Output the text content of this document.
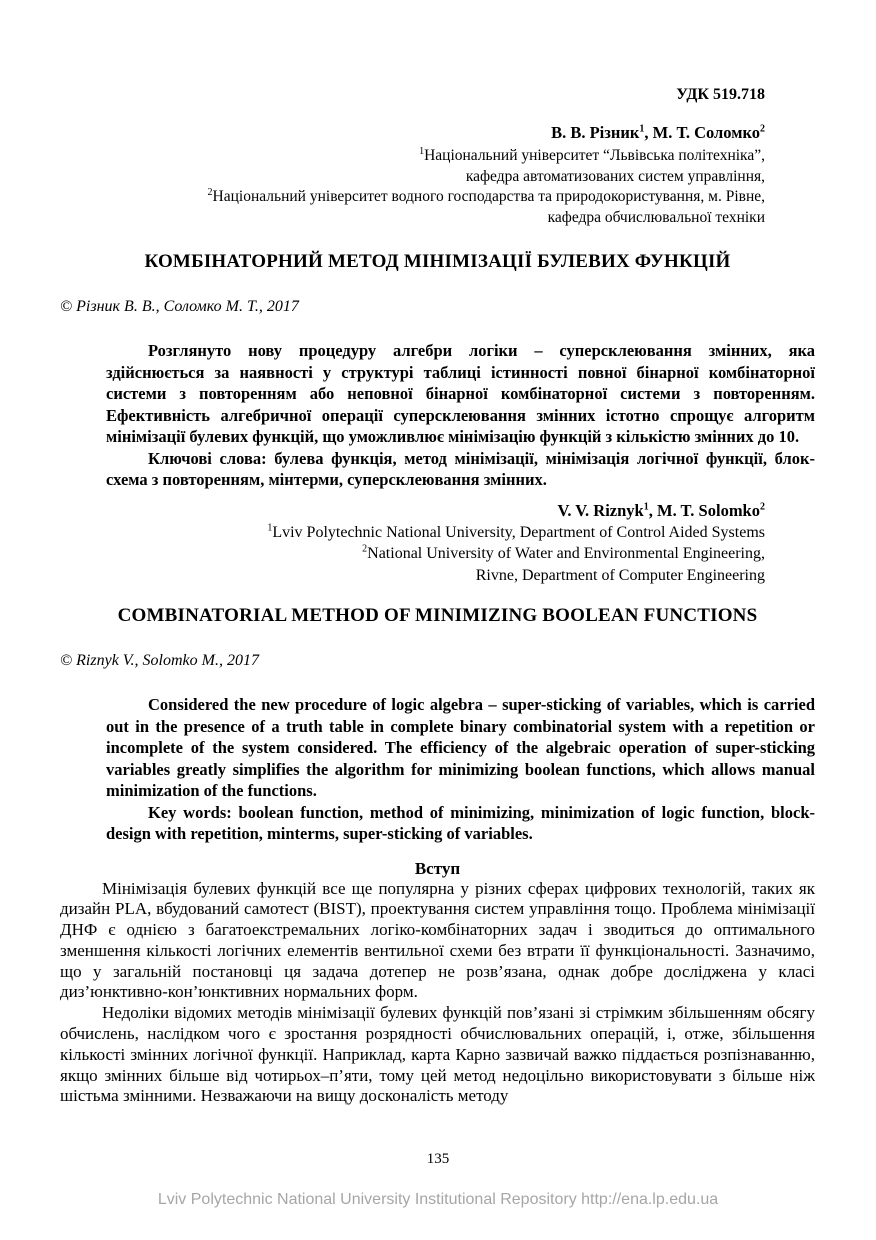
УДК 519.718
В. В. Різник$^1$, М. Т. Соломко$^2$
$^1$Національний університет “Львівська політехніка”,
кафедра автоматизованих систем управління,
$^2$Національний університет водного господарства та природокористування, м. Рівне,
кафедра обчислювальної техніки
КОМБІНАТОРНИЙ МЕТОД МІНІМІЗАЦІЇ БУЛЕВИХ ФУНКЦІЙ
© Різник В. В., Соломко М. Т., 2017

Розглянуто нову процедуру алгебри логіки – суперсклеювання змінних, яка здійснюється за наявності у структурі таблиці істинності повної бінарної комбінаторної системи з повторенням або неповної бінарної комбінаторної системи з повторенням. Ефективність алгебричної операції суперсклеювання змінних істотно спрощує алгоритм мінімізації булевих функцій, що уможливлює мінімізацію функцій з кількістю змінних до 10.

Ключові слова: булева функція, метод мінімізації, мінімізація логічної функції, блок-схема з повторенням, мінтерми, суперсклеювання змінних.

V. V. Riznyk$^1$, M. T. Solomko$^2$
$^1$Lviv Polytechnic National University, Department of Control Aided Systems
$^2$National University of Water and Environmental Engineering,
Rivne, Department of Computer Engineering
COMBINATORIAL METHOD OF MINIMIZING BOOLEAN FUNCTIONS
© Riznyk V., Solomko M., 2017

Considered the new procedure of logic algebra – super-sticking of variables, which is carried out in the presence of a truth table in complete binary combinatorial system with a repetition or incomplete of the system considered. The efficiency of the algebraic operation of super-sticking variables greatly simplifies the algorithm for minimizing boolean functions, which allows manual minimization of the functions.

Key words: boolean function, method of minimizing, minimization of logic function, block-design with repetition, minterms, super-sticking of variables.

Вступ

Мінімізація булевих функцій все ще популярна у різних сферах цифрових технологій, таких як дизайн PLA, вбудований самотест (BIST), проектування систем управління тощо. Проблема мінімізації ДНФ є однією з багатоекстремальних логіко-комбінаторних задач і зводиться до оптимального зменшення кількості логічних елементів вентильної схеми без втрати її функціональності. Зазначимо, що у загальній постановці ця задача дотепер не розв’язана, однак добре досліджена у класі диз’юнктивно-кон’юнктивних нормальних форм.

Недоліки відомих методів мінімізації булевих функцій пов’язані зі стрімким збільшенням обсягу обчислень, наслідком чого є зростання розрядності обчислювальних операцій, і, отже, збільшення кількості змінних логічної функції. Наприклад, карта Карно зазвичай важко піддається розпізнаванню, якщо змінних більше від чотирьох–п’яти, тому цей метод недоцільно використовувати з більше ніж шістьма змінними. Незважаючи на вищу досконалість методу

135
Lviv Polytechnic National University Institutional Repository http://ena.lp.edu.ua
